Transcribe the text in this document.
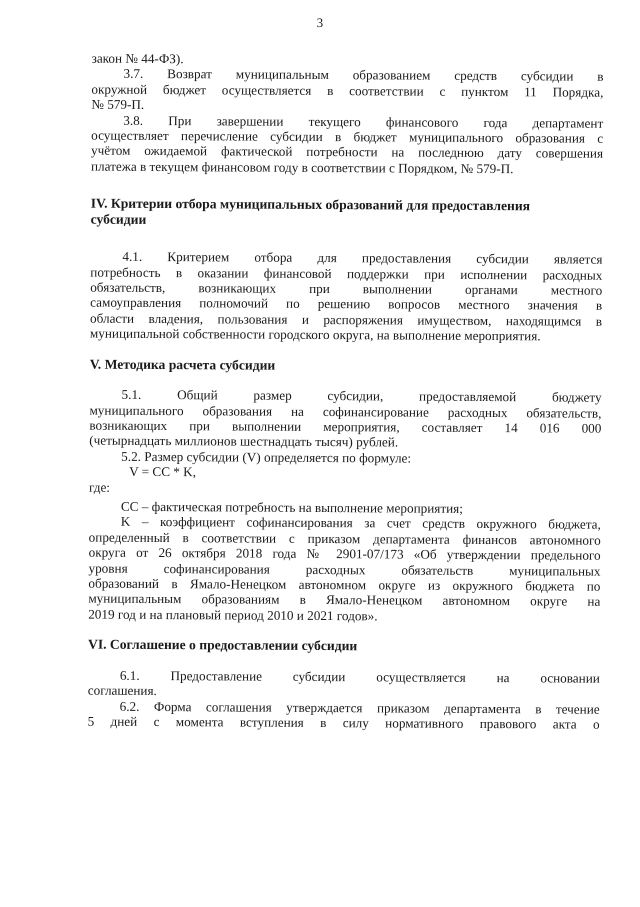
3

закон № 44-ФЗ).

3.7. Возврат муниципальным образованием средств субсидии в
окружной бюджет осуществляется в соответствии с пунктом 11 Порядка,
№ 579-П.

3.8. При завершении текущего финансового года департамент
осуществляет перечисление субсидии в бюджет муниципального образования с
учётом ожидаемой фактической потребности на последнюю дату совершения
платежа в текущем финансовом году в соответствии с Порядком, № 579-П.

IV. Критерии отбора муниципальных образований для предоставления
субсидии

4.1. Критерием отбора для предоставления субсидии является
потребность в оказании финансовой поддержки при исполнении расходных
обязательств, возникающих при выполнении органами местного
самоуправления полномочий по решению вопросов местного значения в
области владения, пользования и распоряжения имуществом, находящимся в
муниципальной собственности городского округа, на выполнение мероприятия.

V. Методика расчета субсидии

5.1. Общий размер субсидии, предоставляемой бюджету
муниципального образования на софинансирование расходных обязательств,
возникающих при выполнении мероприятия, составляет 14 016 000
(четырнадцать миллионов шестнадцать тысяч) рублей.

5.2. Размер субсидии (V) определяется по формуле:

V = CC * K,

где:

CC – фактическая потребность на выполнение мероприятия;

K – коэффициент софинансирования за счет средств окружного бюджета,
определенный в соответствии с приказом департамента финансов автономного
округа от 26 октября 2018 года № 2901-07/173 «Об утверждении предельного
уровня софинансирования расходных обязательств муниципальных
образований в Ямало-Ненецком автономном округе из окружного бюджета по
муниципальным образованиям в Ямало-Ненецком автономном округе на
2019 год и на плановый период 2010 и 2021 годов».

VI. Соглашение о предоставлении субсидии

6.1. Предоставление субсидии осуществляется на основании
соглашения.

6.2. Форма соглашения утверждается приказом департамента в течение
5 дней с момента вступления в силу нормативного правового акта о
